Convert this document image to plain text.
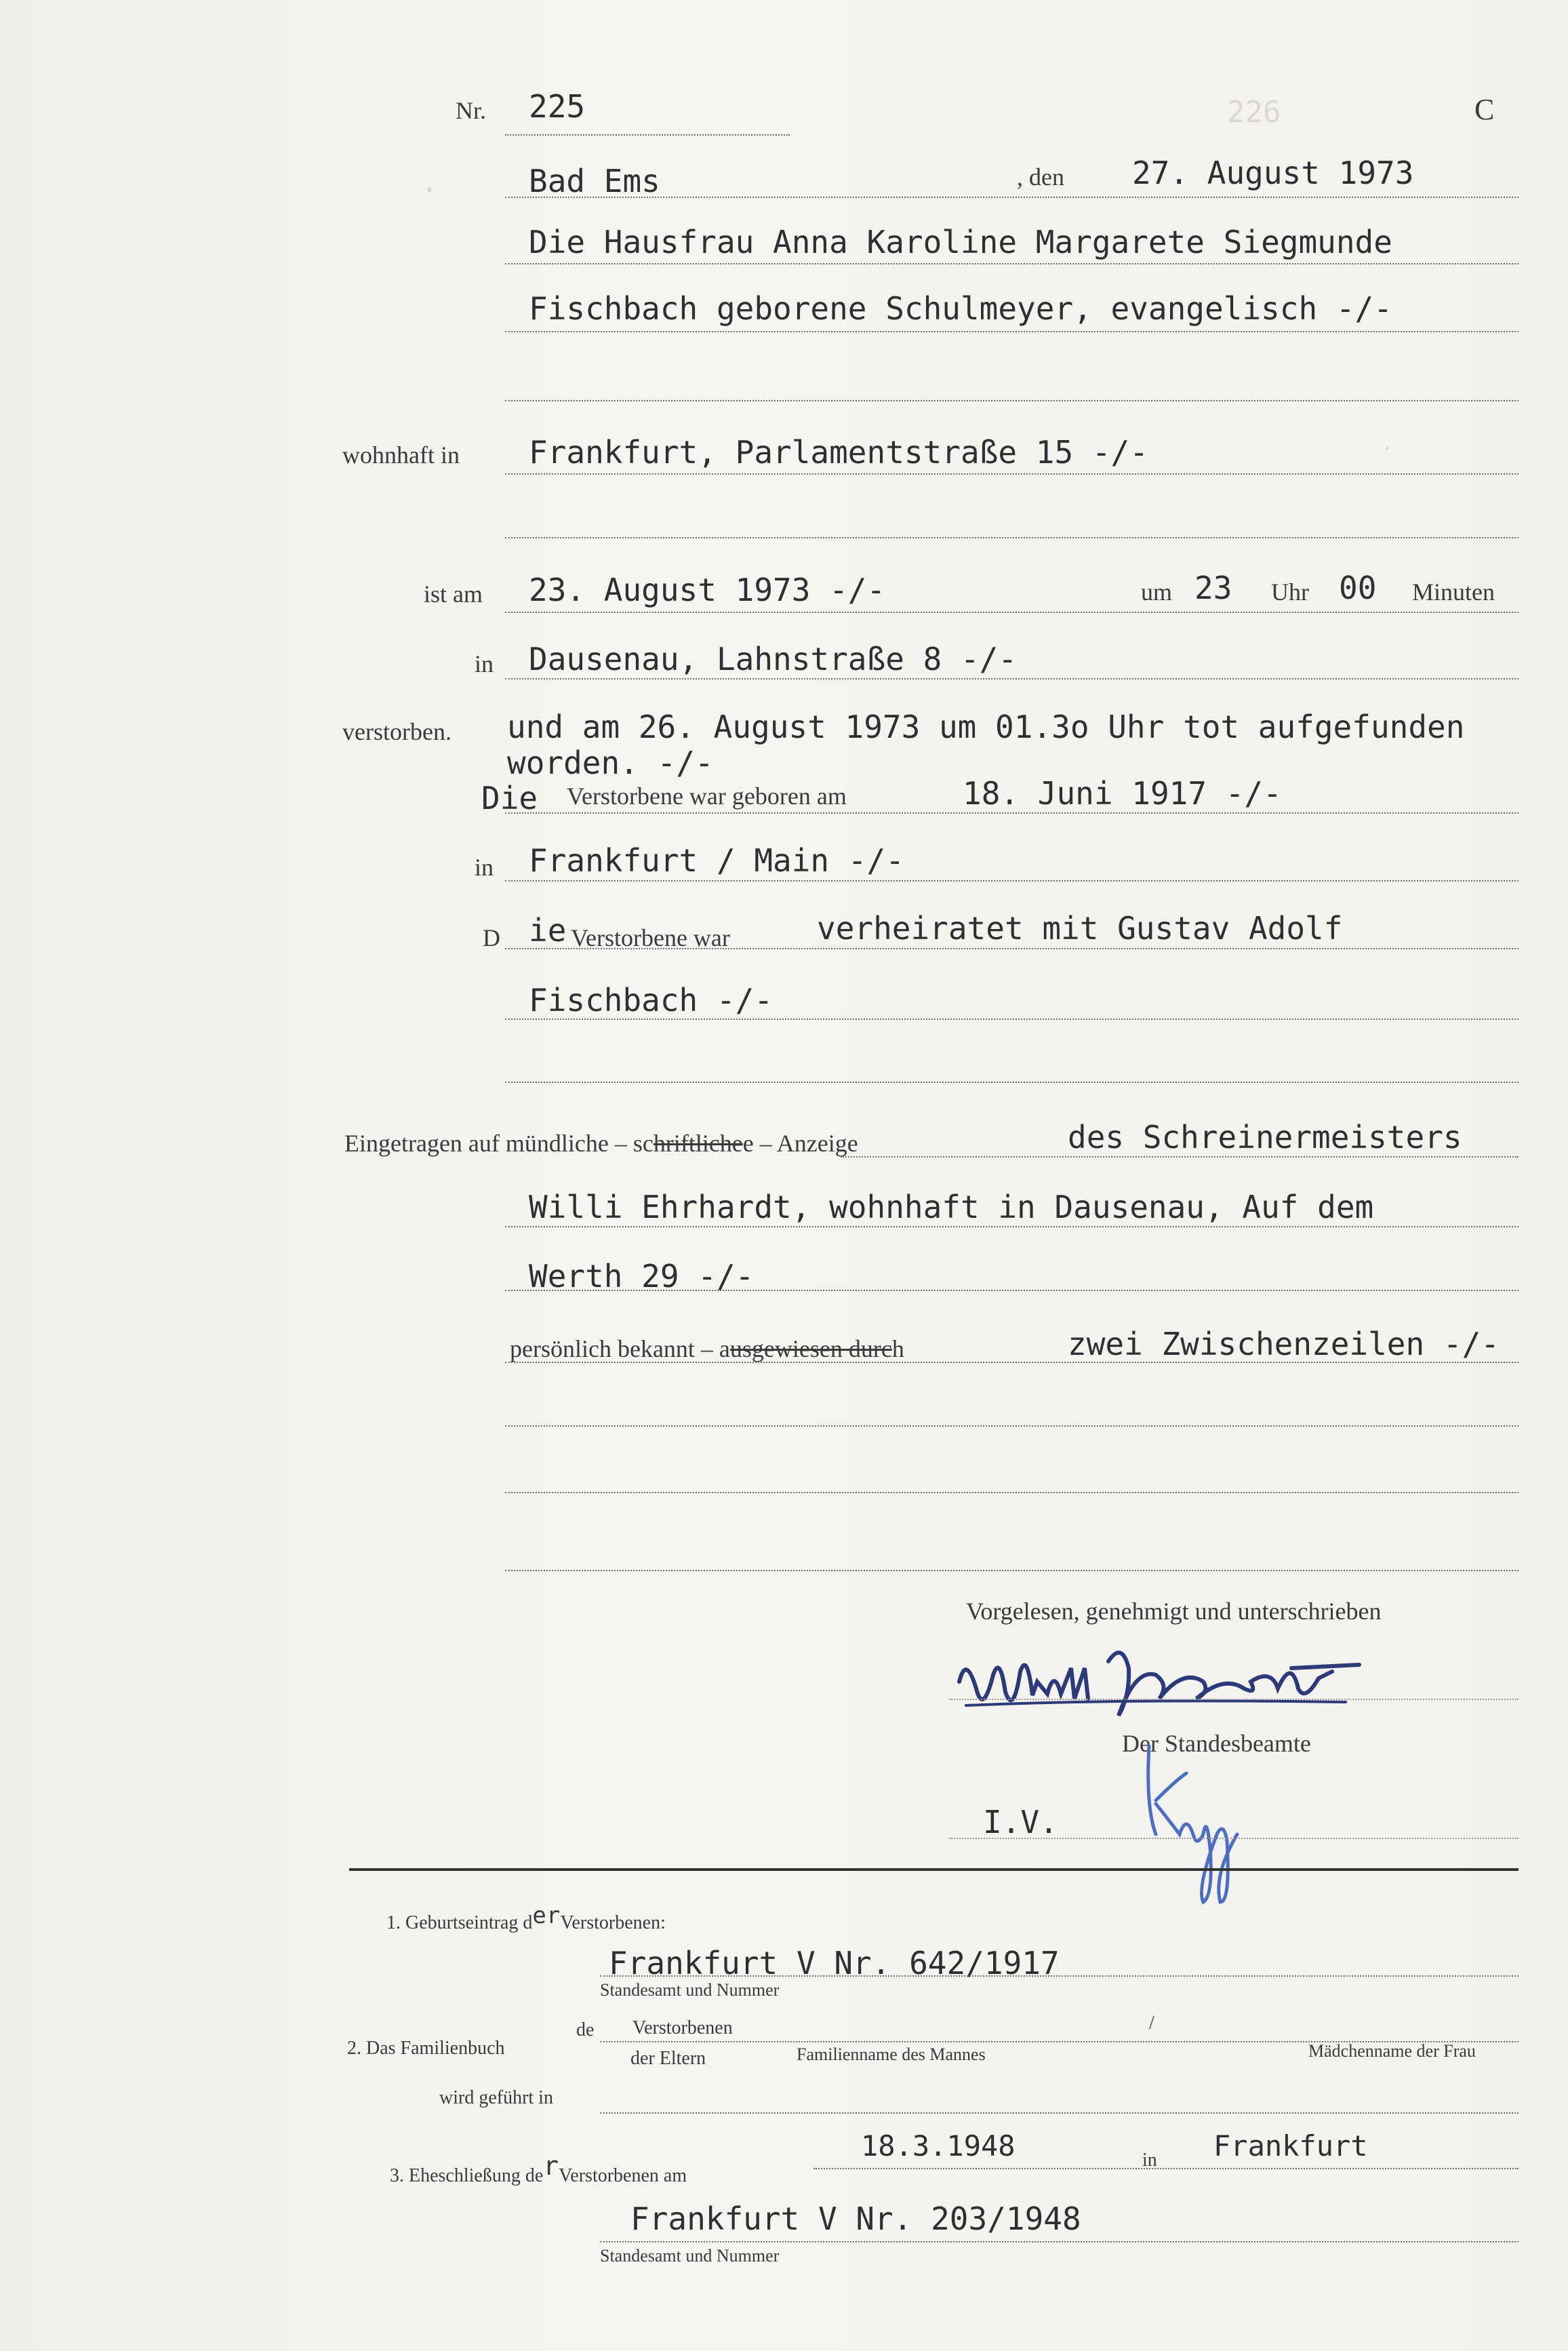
226
·
·
Nr. 225	C
Bad Ems	, den 27. August 1973
Die Hausfrau Anna Karoline Margarete Siegmunde
Fischbach geborene Schulmeyer, evangelisch -/-
wohnhaft in Frankfurt, Parlamentstraße 15 -/-
ist am 23. August 1973 -/-	um 23 Uhr 00 Minuten
in Dausenau, Lahnstraße 8 -/-
verstorben. und am 26. August 1973 um 01.3o Uhr tot aufgefunden
worden. -/-
Die Verstorbene war geboren am	18. Juni 1917 -/-
in Frankfurt / Main -/-
D ie Verstorbene war	verheiratet mit Gustav Adolf
Fischbach -/-
Eingetragen auf mündliche – schriftlichee – Anzeige	des Schreinermeisters
Willi Ehrhardt, wohnhaft in Dausenau, Auf dem
Werth 29 -/-
persönlich bekannt – ausgewiesen durch	zwei Zwischenzeilen -/-
Vorgelesen, genehmigt und unterschrieben
Der Standesbeamte
I.V.
1. Geburtseintrag derVerstorbenen:
Frankfurt V Nr. 642/1917
Standesamt und Nummer
2. Das Familienbuch
de Verstorbenen
der Eltern
/
Familienname des Mannes	Mädchenname der Frau
wird geführt in
3. Eheschließung derVerstorbenen am
18.3.1948	in Frankfurt
Frankfurt V Nr. 203/1948
Standesamt und Nummer
